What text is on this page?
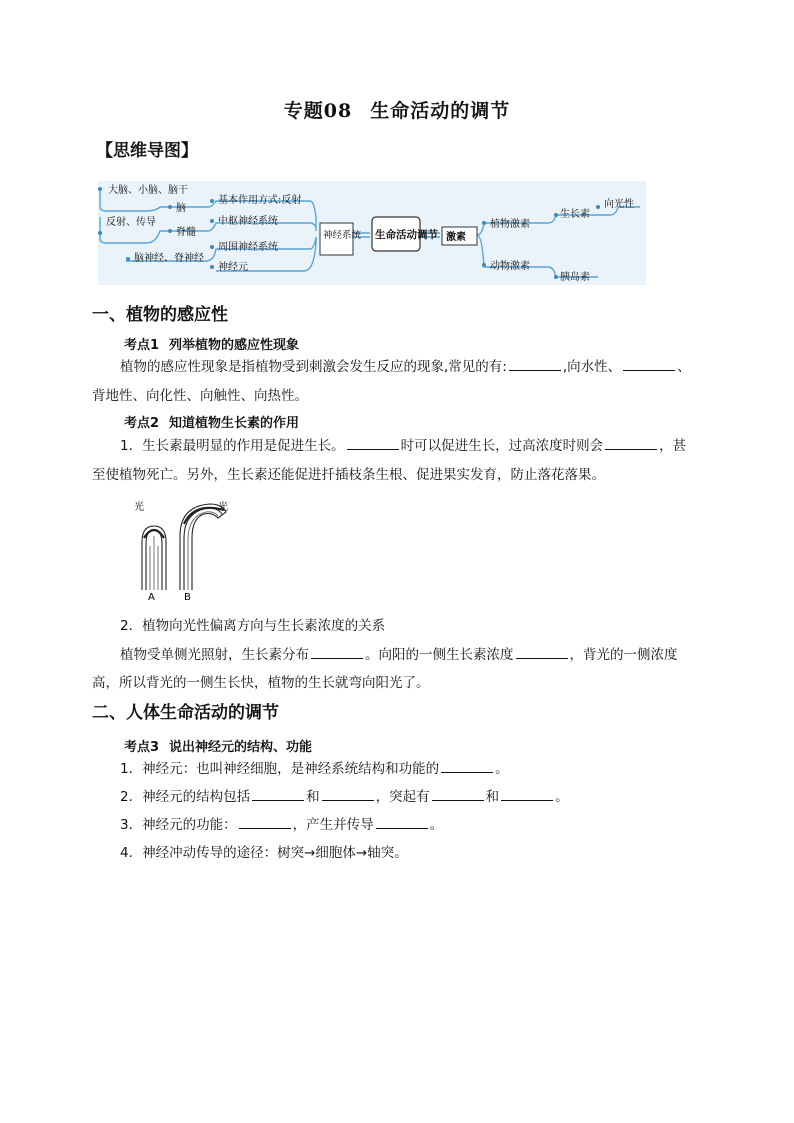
专题08 生命活动的调节
【思维导图】
大脑、小脑、脑干
反射、传导
脑
脊髓
脑神经、脊神经
基本作用方式:反射
中枢神经系统
周围神经系统
神经元
植物激素
动物激素
生长素
向光性
胰岛素
激素
神经系统 生命活动调节
一、植物的感应性
考点1 列举植物的感应性现象
植物的感应性现象是指植物受到刺激会发生反应的现象,常见的有:	,向水性、	、
背地性、向化性、向触性、向热性。
考点2 知道植物生长素的作用
1．生长素最明显的作用是促进生长。	时可以促进生长，过高浓度时则会	，甚
至使植物死亡。另外，生长素还能促进扦插枝条生根、促进果实发育，防止落花落果。
光	光
A	B
2．植物向光性偏离方向与生长素浓度的关系
植物受单侧光照射，生长素分布	。向阳的一侧生长素浓度	，背光的一侧浓度
高，所以背光的一侧生长快，植物的生长就弯向阳光了。
二、人体生命活动的调节
考点3 说出神经元的结构、功能
1．神经元：也叫神经细胞，是神经系统结构和功能的	。
2．神经元的结构包括	和	，突起有	和	。
3．神经元的功能：	，产生并传导	。
4．神经冲动传导的途径：树突→细胞体→轴突。
